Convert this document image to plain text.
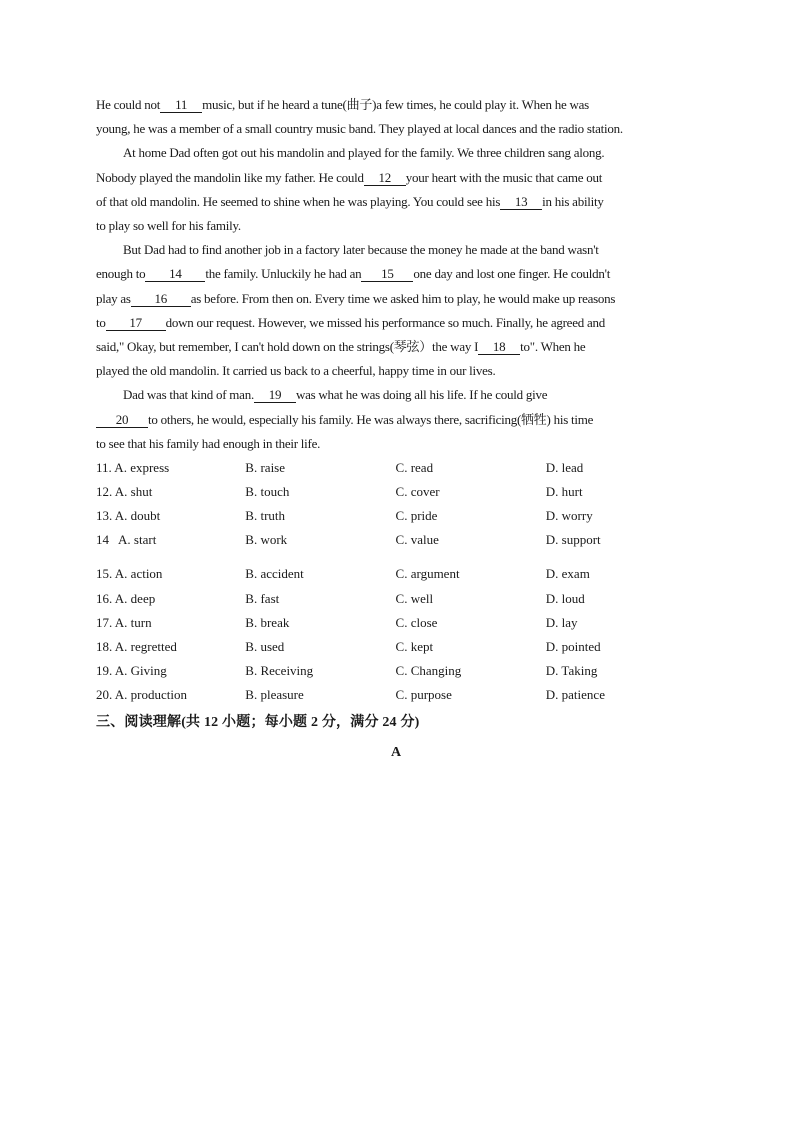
He could not 11 music, but if he heard a tune(曲子)a few times, he could play it. When he was
young, he was a member of a small country music band. They played at local dances and the radio station.
At home Dad often got out his mandolin and played for the family. We three children sang along.
Nobody played the mandolin like my father. He could 12 your heart with the music that came out
of that old mandolin. He seemed to shine when he was playing. You could see his 13 in his ability
to play so well for his family.
But Dad had to find another job in a factory later because the money he made at the band wasn't
enough to 14 the family. Unluckily he had an 15 one day and lost one finger. He couldn't
play as 16 as before. From then on. Every time we asked him to play, he would make up reasons
to 17 down our request. However, we missed his performance so much. Finally, he agreed and
said," Okay, but remember, I can't hold down on the strings(琴弦）the way I 18 to". When he
played the old mandolin. It carried us back to a cheerful, happy time in our lives.
Dad was that kind of man. 19 was what he was doing all his life. If he could give
20 to others, he would, especially his family. He was always there, sacrificing(牺牲) his time
to see that his family had enough in their life.
11. A. express	B. raise	C. read	D. lead
12. A. shut	B. touch	C. cover	D. hurt
13. A. doubt	B. truth	C. pride	D. worry
14   A. start	B. work	C. value	D. support
15. A. action	B. accident	C. argument	D. exam
16. A. deep	B. fast	C. well	D. loud
17. A. turn	B. break	C. close	D. lay
18. A. regretted	B. used	C. kept	D. pointed
19. A. Giving	B. Receiving	C. Changing	D. Taking
20. A. production	B. pleasure	C. purpose	D. patience
三、阅读理解(共 12 小题；每小题 2 分，满分 24 分)
A
